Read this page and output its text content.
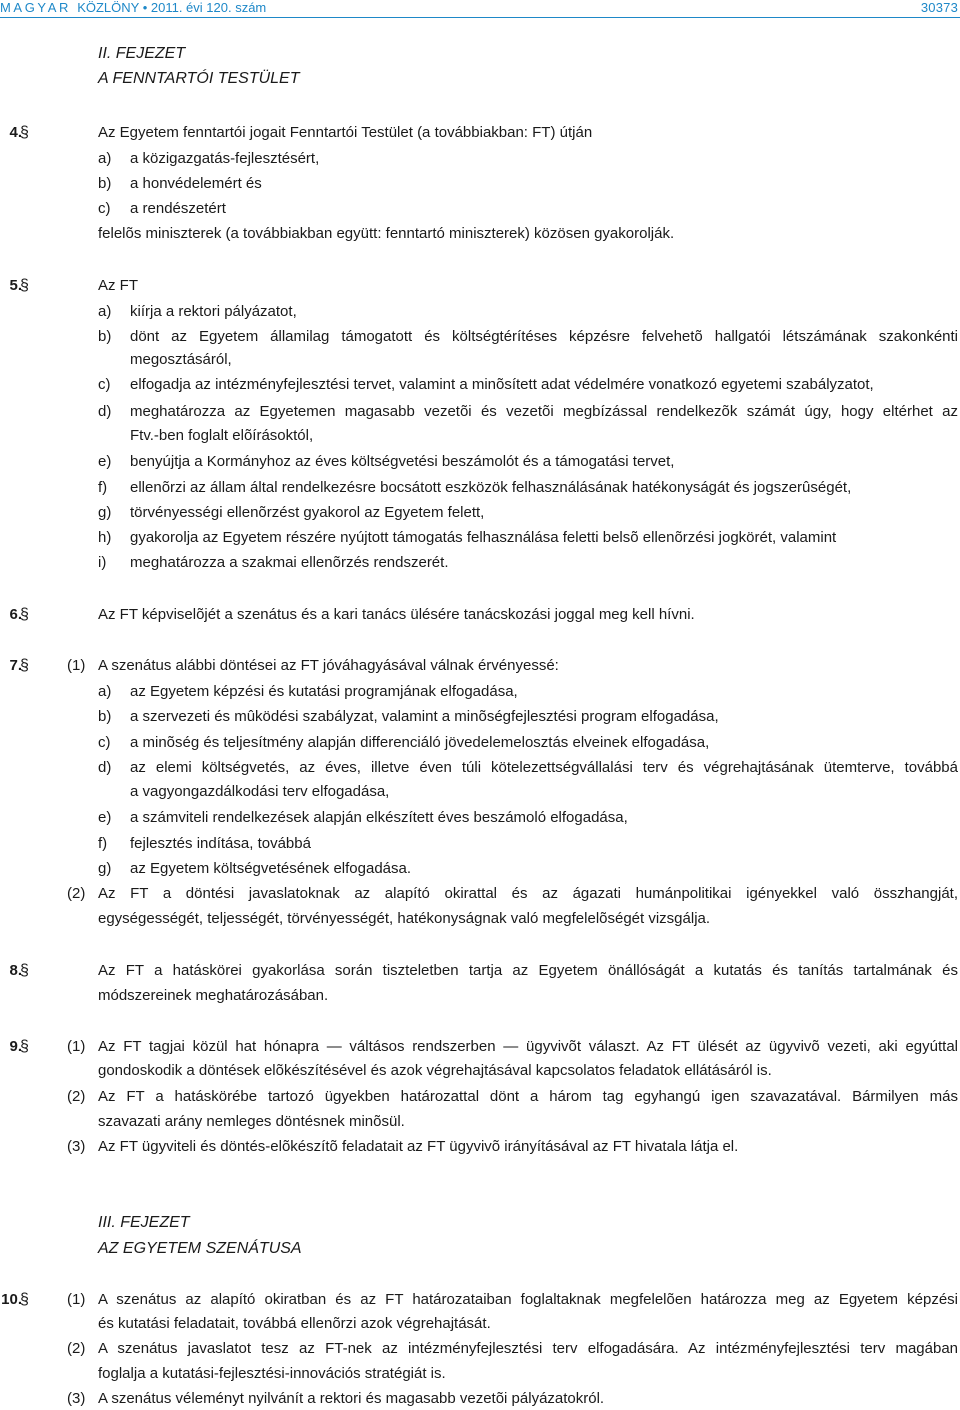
MAGYAR KÖZLÖNY • 2011. évi 120. szám	30373
II. FEJEZET
A FENNTARTÓI TESTÜLET
4.
§	Az Egyetem fenntartói jogait Fenntartói Testület (a továbbiakban: FT) útján
a) a közigazgatás-fejlesztésért,
b) a honvédelemért és
c) a rendészetért
felelõs miniszterek (a továbbiakban együtt: fenntartó miniszterek) közösen gyakorolják.
5.
§	Az FT
a) kiírja a rektori pályázatot,
b) dönt az Egyetem államilag támogatott és költségtérítéses képzésre felvehetõ hallgatói létszámának szakonkénti
megosztásáról,
c) elfogadja az intézményfejlesztési tervet, valamint a minõsített adat védelmére vonatkozó egyetemi szabályzatot,
d) meghatározza az Egyetemen magasabb vezetõi és vezetõi megbízással rendelkezõk számát úgy, hogy eltérhet az
Ftv.-ben foglalt elõírásoktól,
e) benyújtja a Kormányhoz az éves költségvetési beszámolót és a támogatási tervet,
f) ellenõrzi az állam által rendelkezésre bocsátott eszközök felhasználásának hatékonyságát és jogszerûségét,
g) törvényességi ellenõrzést gyakorol az Egyetem felett,
h) gyakorolja az Egyetem részére nyújtott támogatás felhasználása feletti belsõ ellenõrzési jogkörét, valamint
i) meghatározza a szakmai ellenõrzés rendszerét.
6.
§	Az FT képviselõjét a szenátus és a kari tanács ülésére tanácskozási joggal meg kell hívni.
7.
§	(1) A szenátus alábbi döntései az FT jóváhagyásával válnak érvényessé:
a) az Egyetem képzési és kutatási programjának elfogadása,
b) a szervezeti és mûködési szabályzat, valamint a minõségfejlesztési program elfogadása,
c) a minõség és teljesítmény alapján differenciáló jövedelemelosztás elveinek elfogadása,
d) az elemi költségvetés, az éves, illetve éven túli kötelezettségvállalási terv és végrehajtásának ütemterve, továbbá
a vagyongazdálkodási terv elfogadása,
e) a számviteli rendelkezések alapján elkészített éves beszámoló elfogadása,
f) fejlesztés indítása, továbbá
g) az Egyetem költségvetésének elfogadása.
(2) Az FT a döntési javaslatoknak az alapító okirattal és az ágazati humánpolitikai igényekkel való összhangját,
egységességét, teljességét, törvényességét, hatékonyságnak való megfelelõségét vizsgálja.
8.
§	Az FT a hatáskörei gyakorlása során tiszteletben tartja az Egyetem önállóságát a kutatás és tanítás tartalmának és
módszereinek meghatározásában.
9.
§	(1) Az FT tagjai közül hat hónapra — váltásos rendszerben — ügyvivõt választ. Az FT ülését az ügyvivõ vezeti, aki egyúttal
gondoskodik a döntések elõkészítésével és azok végrehajtásával kapcsolatos feladatok ellátásáról is.
(2) Az FT a hatáskörébe tartozó ügyekben határozattal dönt a három tag egyhangú igen szavazatával. Bármilyen más
szavazati arány nemleges döntésnek minõsül.
(3) Az FT ügyviteli és döntés-elõkészítõ feladatait az FT ügyvivõ irányításával az FT hivatala látja el.
III. FEJEZET
AZ EGYETEM SZENÁTUSA
10.
§	(1) A szenátus az alapító okiratban és az FT határozataiban foglaltaknak megfelelõen határozza meg az Egyetem képzési
és kutatási feladatait, továbbá ellenõrzi azok végrehajtását.
(2) A szenátus javaslatot tesz az FT-nek az intézményfejlesztési terv elfogadására. Az intézményfejlesztési terv magában
foglalja a kutatási-fejlesztési-innovációs stratégiát is.
(3) A szenátus véleményt nyilvánít a rektori és magasabb vezetõi pályázatokról.
